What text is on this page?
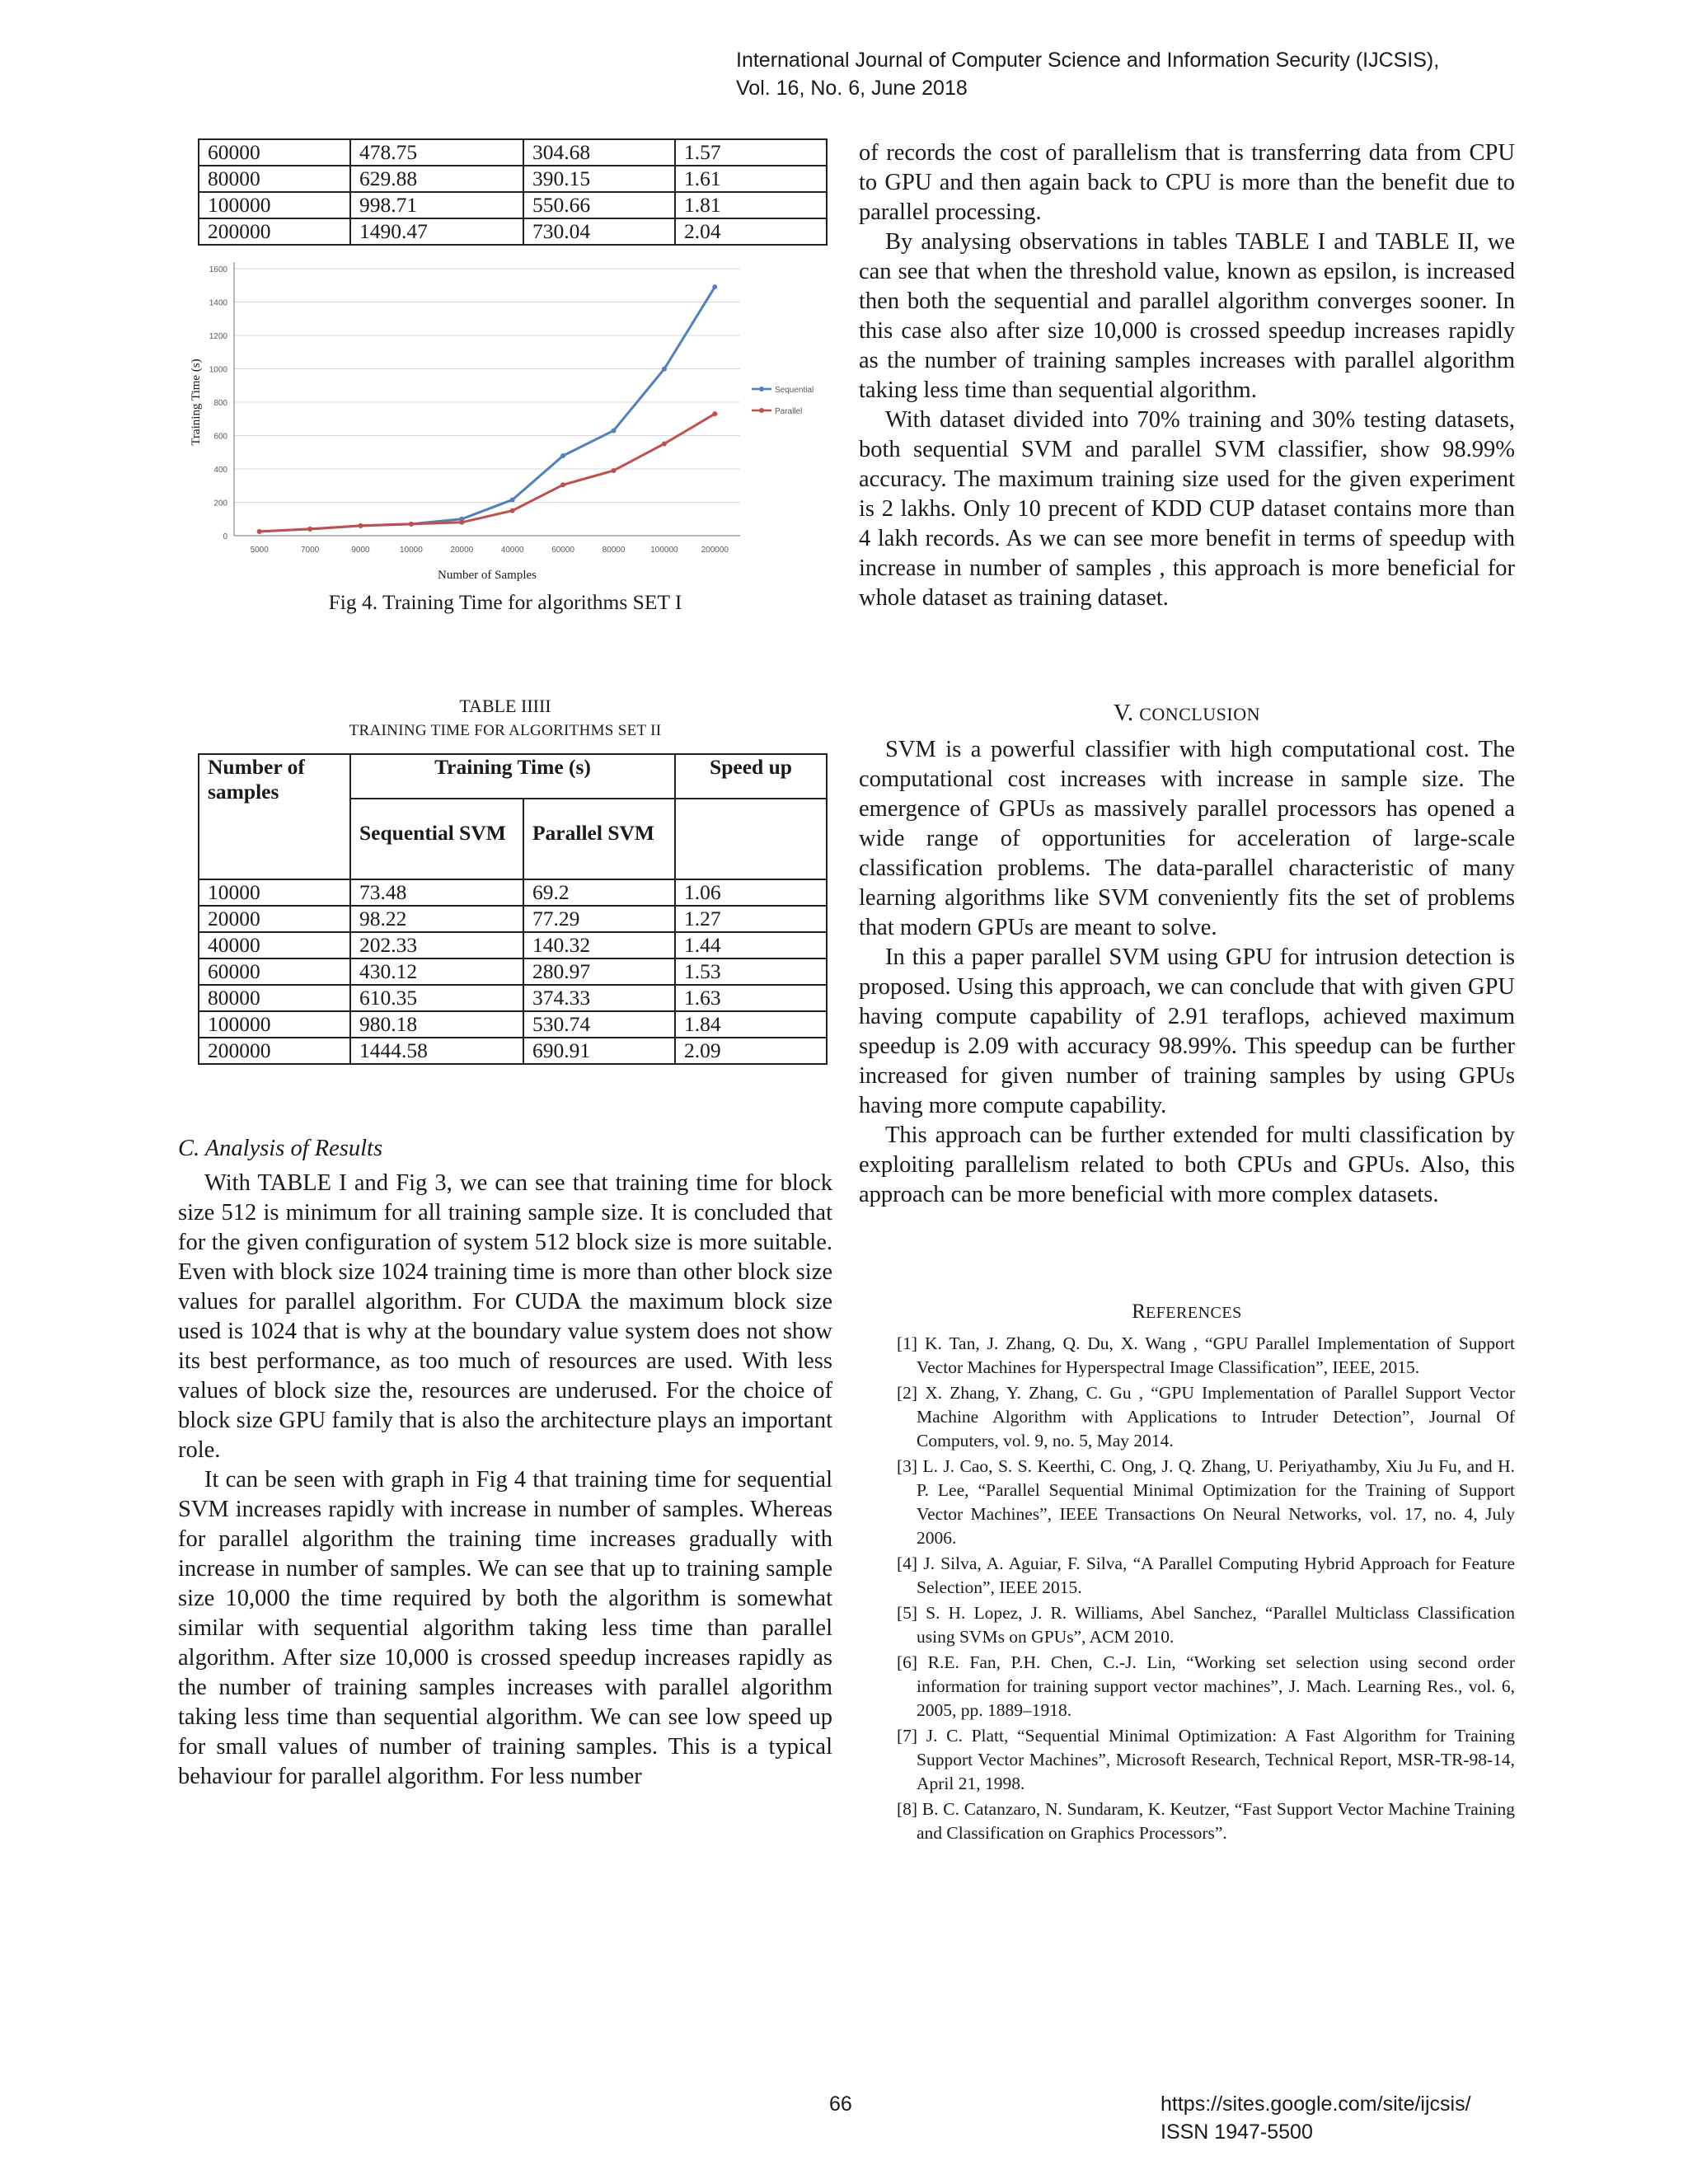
International Journal of Computer Science and Information Security (IJCSIS),
Vol. 16, No. 6, June 2018
60000	478.75	304.68	1.57
80000	629.88	390.15	1.61
100000	998.71	550.66	1.81
200000	1490.47	730.04	2.04
0
200
400
600
800
1000
1200
1400
1600
5000	7000	9000	10000	20000	40000	60000	80000	100000	200000
Number of Samples
Training Time (s)	Sequential
Parallel
Fig 4. Training Time for algorithms SET I
TABLE IIIII
TRAINING TIME FOR ALGORITHMS SET II
Number of samples	Training Time (s)		Speed up
	Sequential SVM	Parallel SVM	
10000	73.48	69.2	1.06
20000	98.22	77.29	1.27
40000	202.33	140.32	1.44
60000	430.12	280.97	1.53
80000	610.35	374.33	1.63
100000	980.18	530.74	1.84
200000	1444.58	690.91	2.09
C. Analysis of Results

With TABLE I and Fig 3, we can see that training time for block size 512 is minimum for all training sample size. It is concluded that for the given configuration of system 512 block size is more suitable. Even with block size 1024 training time is more than other block size values for parallel algorithm. For CUDA the maximum block size used is 1024 that is why at the boundary value system does not show its best performance, as too much of resources are used. With less values of block size the, resources are underused. For the choice of block size GPU family that is also the architecture plays an important role.

It can be seen with graph in Fig 4 that training time for sequential SVM increases rapidly with increase in number of samples. Whereas for parallel algorithm the training time increases gradually with increase in number of samples. We can see that up to training sample size 10,000 the time required by both the algorithm is somewhat similar with sequential algorithm taking less time than parallel algorithm. After size 10,000 is crossed speedup increases rapidly as the number of training samples increases with parallel algorithm taking less time than sequential algorithm. We can see low speed up for small values of number of training samples. This is a typical behaviour for parallel algorithm. For less number

of records the cost of parallelism that is transferring data from CPU to GPU and then again back to CPU is more than the benefit due to parallel processing.

By analysing observations in tables TABLE I and TABLE II, we can see that when the threshold value, known as epsilon, is increased then both the sequential and parallel algorithm converges sooner. In this case also after size 10,000 is crossed speedup increases rapidly as the number of training samples increases with parallel algorithm taking less time than sequential algorithm.

With dataset divided into 70% training and 30% testing datasets, both sequential SVM and parallel SVM classifier, show 98.99% accuracy. The maximum training size used for the given experiment is 2 lakhs. Only 10 precent of KDD CUP dataset contains more than 4 lakh records. As we can see more benefit in terms of speedup with increase in number of samples , this approach is more beneficial for whole dataset as training dataset.

V. CONCLUSION

SVM is a powerful classifier with high computational cost. The computational cost increases with increase in sample size. The emergence of GPUs as massively parallel processors has opened a wide range of opportunities for acceleration of large-scale classification problems. The data-parallel characteristic of many learning algorithms like SVM conveniently fits the set of problems that modern GPUs are meant to solve.

In this a paper parallel SVM using GPU for intrusion detection is proposed. Using this approach, we can conclude that with given GPU having compute capability of 2.91 teraflops, achieved maximum speedup is 2.09 with accuracy 98.99%. This speedup can be further increased for given number of training samples by using GPUs having more compute capability.

This approach can be further extended for multi classification by exploiting parallelism related to both CPUs and GPUs. Also, this approach can be more beneficial with more complex datasets.

REFERENCES
[1] K. Tan, J. Zhang, Q. Du, X. Wang , “GPU Parallel Implementation of Support Vector Machines for Hyperspectral Image Classification”, IEEE, 2015.
[2] X. Zhang, Y. Zhang, C. Gu , “GPU Implementation of Parallel Support Vector Machine Algorithm with Applications to Intruder Detection”, Journal Of Computers, vol. 9, no. 5, May 2014.
[3] L. J. Cao, S. S. Keerthi, C. Ong, J. Q. Zhang, U. Periyathamby, Xiu Ju Fu, and H. P. Lee, “Parallel Sequential Minimal Optimization for the Training of Support Vector Machines”, IEEE Transactions On Neural Networks, vol. 17, no. 4, July 2006.
[4] J. Silva, A. Aguiar, F. Silva, “A Parallel Computing Hybrid Approach for Feature Selection”, IEEE 2015.
[5] S. H. Lopez, J. R. Williams, Abel Sanchez, “Parallel Multiclass Classification using SVMs on GPUs”, ACM 2010.
[6] R.E. Fan, P.H. Chen, C.-J. Lin, “Working set selection using second order information for training support vector machines”, J. Mach. Learning Res., vol. 6, 2005, pp. 1889–1918.
[7] J. C. Platt, “Sequential Minimal Optimization: A Fast Algorithm for Training Support Vector Machines”, Microsoft Research, Technical Report, MSR-TR-98-14, April 21, 1998.
[8] B. C. Catanzaro, N. Sundaram, K. Keutzer, “Fast Support Vector Machine Training and Classification on Graphics Processors”.
66	https://sites.google.com/site/ijcsis/
ISSN 1947-5500
